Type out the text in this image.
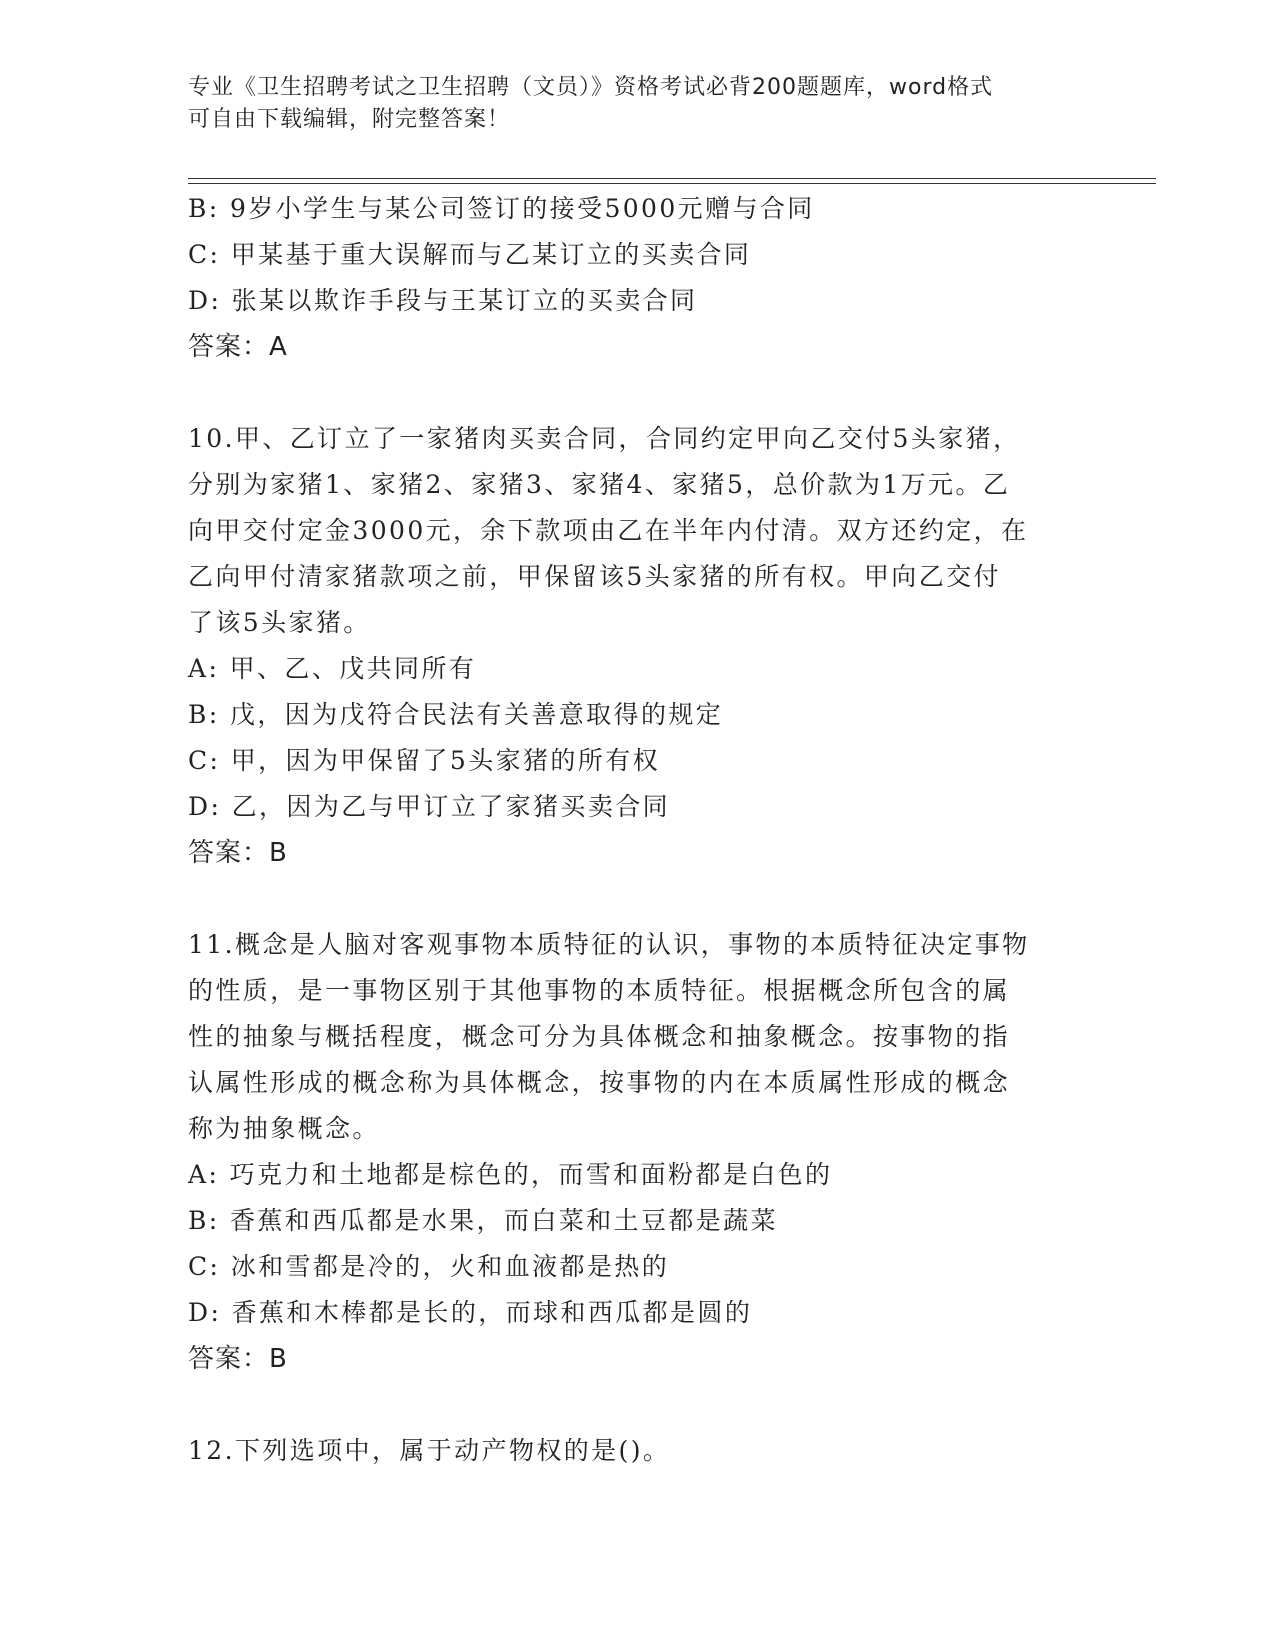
专业《卫生招聘考试之卫生招聘（文员）》资格考试必背200题题库，word格式
可自由下载编辑，附完整答案！
B: 9岁小学生与某公司签订的接受5000元赠与合同
C: 甲某基于重大误解而与乙某订立的买卖合同
D: 张某以欺诈手段与王某订立的买卖合同
答案：A
10.甲、乙订立了一家猪肉买卖合同，合同约定甲向乙交付5头家猪，
分别为家猪1、家猪2、家猪3、家猪4、家猪5，总价款为1万元。乙
向甲交付定金3000元，余下款项由乙在半年内付清。双方还约定，在
乙向甲付清家猪款项之前，甲保留该5头家猪的所有权。甲向乙交付
了该5头家猪。
A: 甲、乙、戊共同所有
B: 戊，因为戊符合民法有关善意取得的规定
C: 甲，因为甲保留了5头家猪的所有权
D: 乙，因为乙与甲订立了家猪买卖合同
答案：B
11.概念是人脑对客观事物本质特征的认识，事物的本质特征决定事物
的性质，是一事物区别于其他事物的本质特征。根据概念所包含的属
性的抽象与概括程度，概念可分为具体概念和抽象概念。按事物的指
认属性形成的概念称为具体概念，按事物的内在本质属性形成的概念
称为抽象概念。
A: 巧克力和土地都是棕色的，而雪和面粉都是白色的
B: 香蕉和西瓜都是水果，而白菜和土豆都是蔬菜
C: 冰和雪都是冷的，火和血液都是热的
D: 香蕉和木棒都是长的，而球和西瓜都是圆的
答案：B
12.下列选项中，属于动产物权的是()。
